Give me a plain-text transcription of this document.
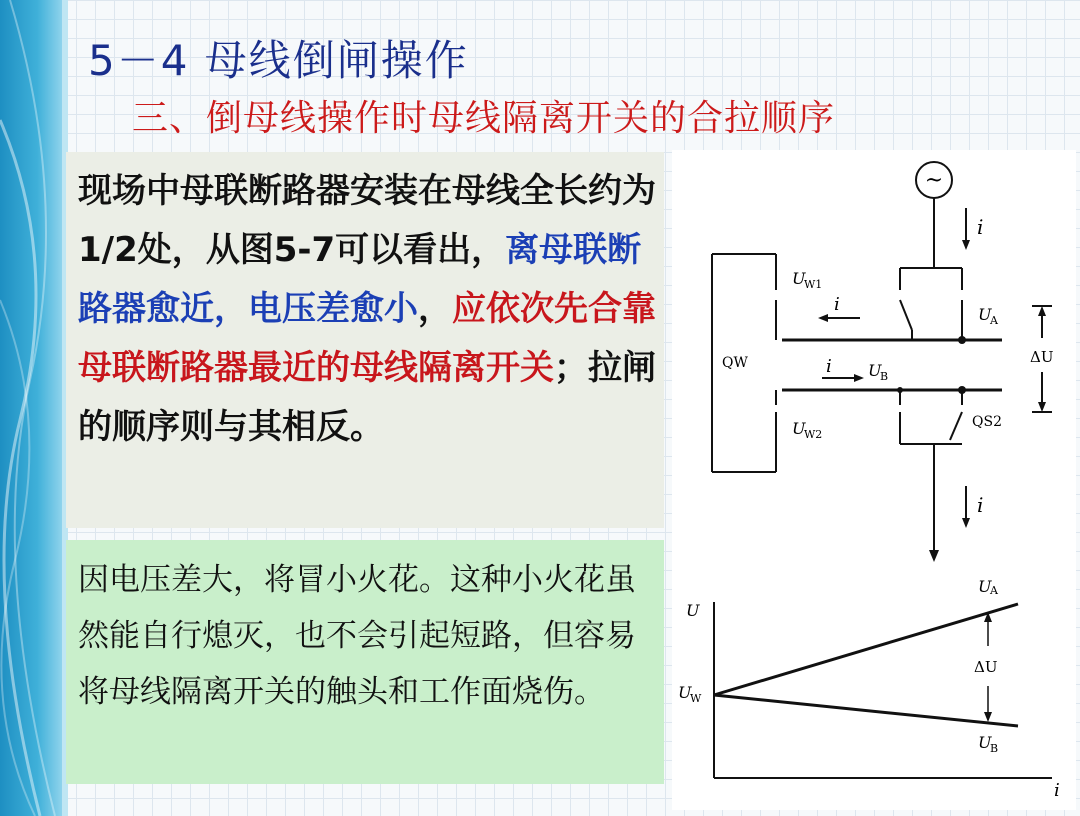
5－4 母线倒闸操作
三、倒母线操作时母线隔离开关的合拉顺序
现场中母联断路器安装在母线全长约为1/2处，从图5-7可以看出，离母联断路器愈近，电压差愈小，应依次先合靠母联断路器最近的母线隔离开关；拉闸的顺序则与其相反。
因电压差大，将冒小火花。这种小火花虽然能自行熄灭，也不会引起短路，但容易将母线隔离开关的触头和工作面烧伤。
~
i
i
U
W1
U
W2
i
i U
B
U
A
ΔU
QW
QS2
U
i
U
W
U
A
U
B
ΔU
